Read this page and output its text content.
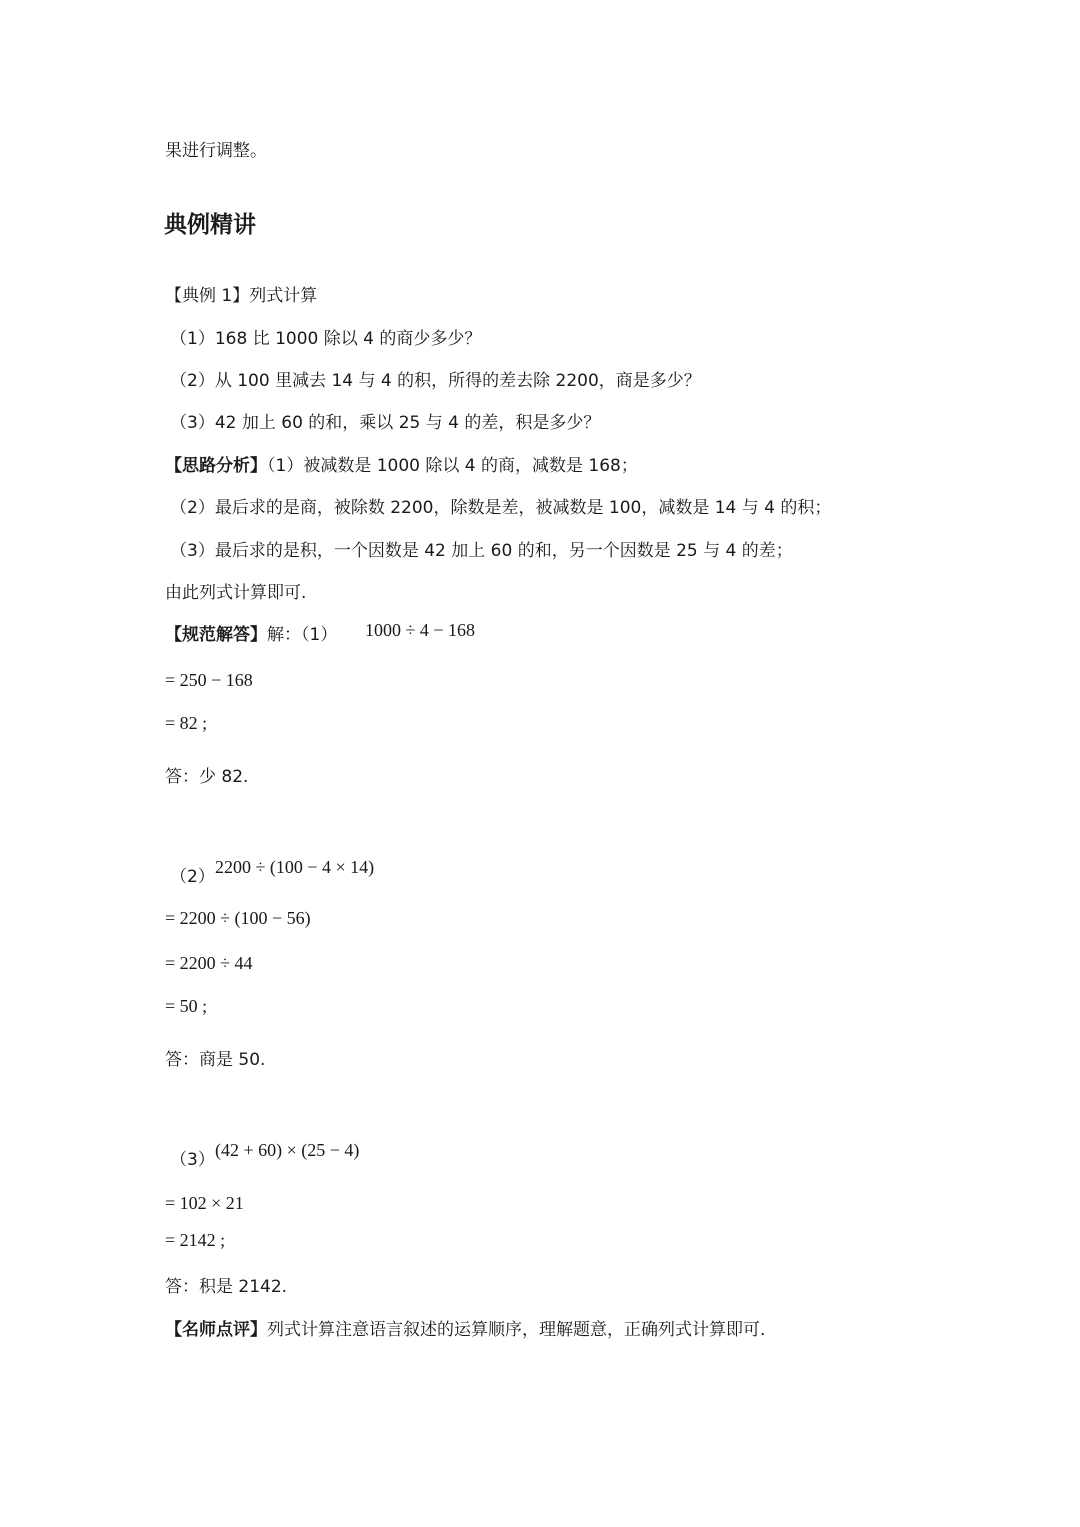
果进行调整。
典例精讲
【典例 1】列式计算
（1）168 比 1000 除以 4 的商少多少？
（2）从 100 里减去 14 与 4 的积，所得的差去除 2200，商是多少？
（3）42 加上 60 的和，乘以 25 与 4 的差，积是多少？
【思路分析】（1）被减数是 1000 除以 4 的商，减数是 168；
（2）最后求的是商，被除数 2200，除数是差，被减数是 100，减数是 14 与 4 的积；
（3）最后求的是积，一个因数是 42 加上 60 的和，另一个因数是 25 与 4 的差；
由此列式计算即可.
【规范解答】解：（1） 1000 ÷ 4 − 168
= 250 − 168
= 82 ;
答：少 82.
（2） 2200 ÷ (100 − 4 × 14)
= 2200 ÷ (100 − 56)
= 2200 ÷ 44
= 50 ;
答：商是 50.
（3） (42 + 60) × (25 − 4)
= 102 × 21
= 2142 ;
答：积是 2142.
【名师点评】列式计算注意语言叙述的运算顺序，理解题意，正确列式计算即可.
